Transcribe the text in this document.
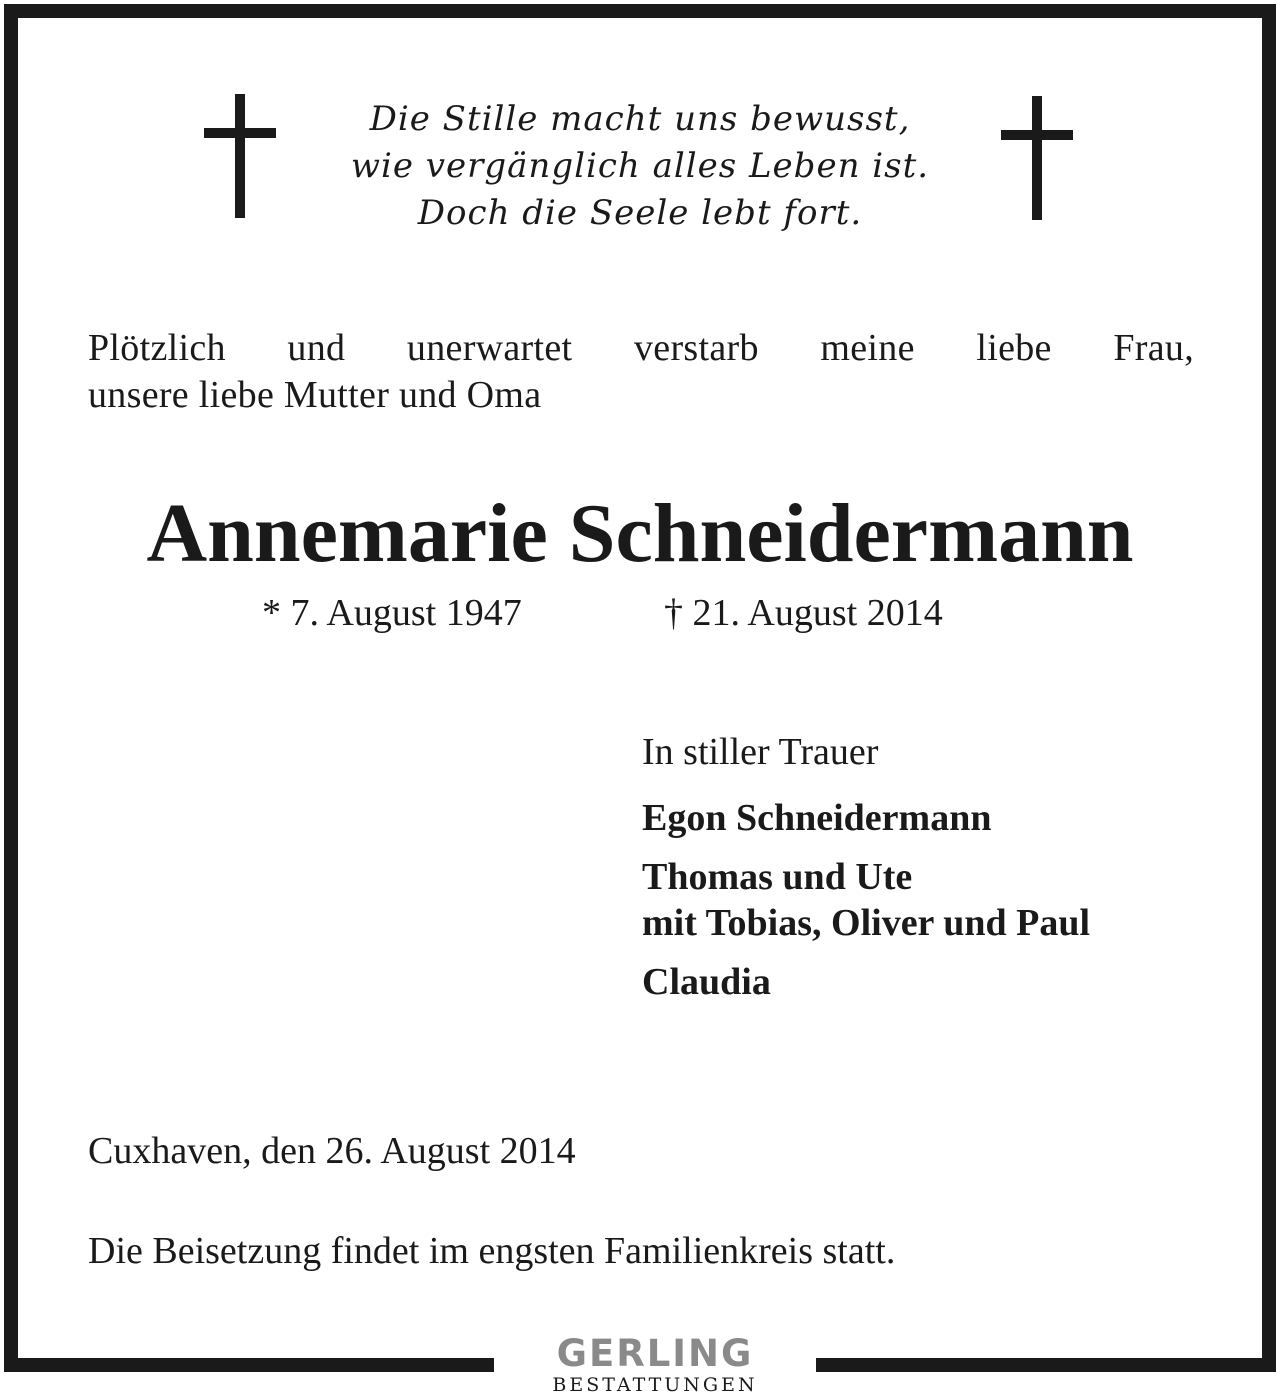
Die Stille macht uns bewusst,
wie vergänglich alles Leben ist.
Doch die Seele lebt fort.
Plötzlich und unerwartet verstarb meine liebe Frau,
unsere liebe Mutter und Oma
Annemarie Schneidermann
* 7. August 1947	† 21. August 2014
In stiller Trauer
Egon Schneidermann
Thomas und Ute
mit Tobias, Oliver und Paul
Claudia
Cuxhaven, den 26. August 2014
Die Beisetzung findet im engsten Familienkreis statt.
GERLING
BESTATTUNGEN
